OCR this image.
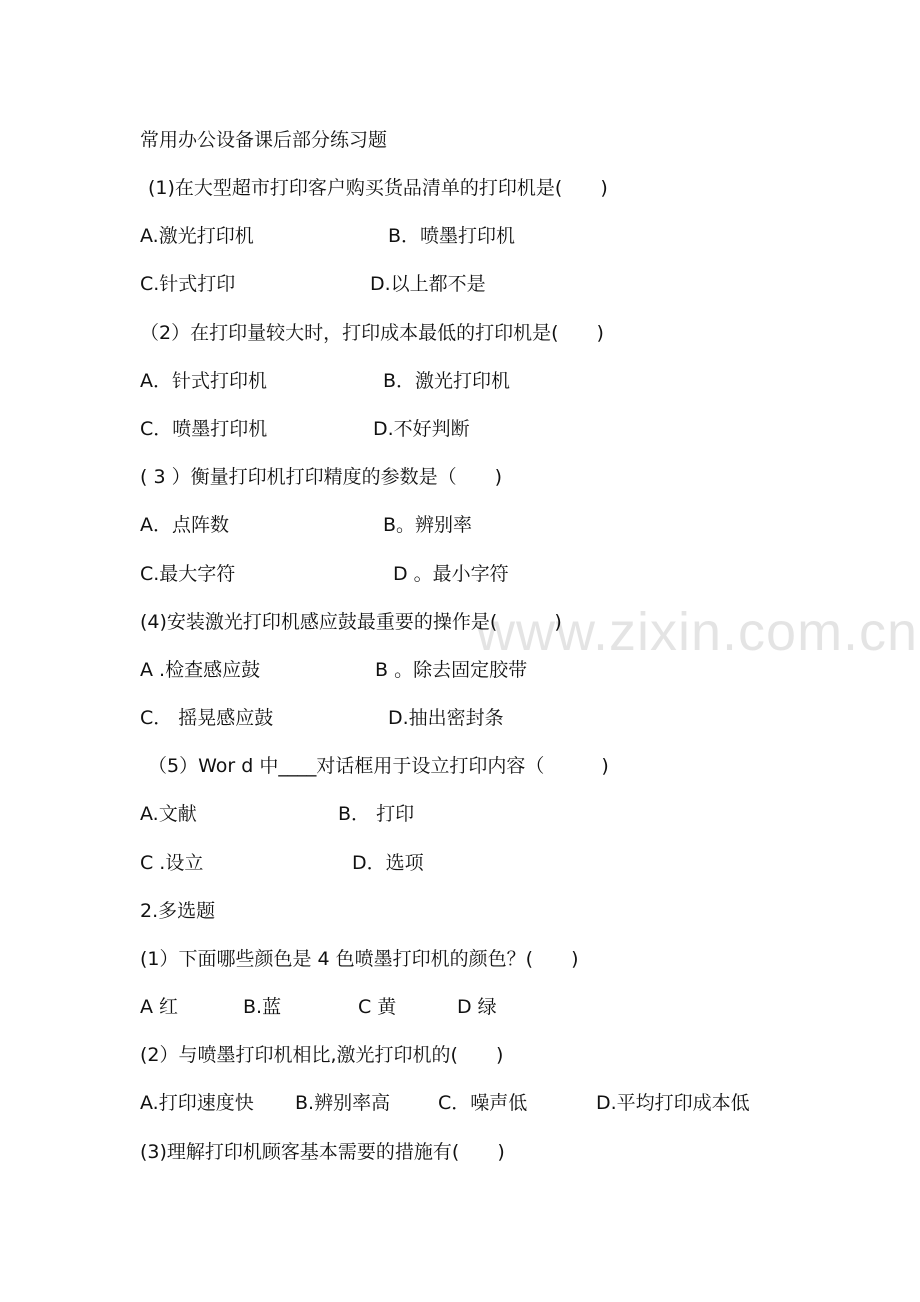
www.zixin.com.cn
常用办公设备课后部分练习题
(1)在大型超市打印客户购买货品清单的打印机是(　　)
A.激光打印机	B．喷墨打印机
C.针式打印	D.以上都不是
（2）在打印量较大时，打印成本最低的打印机是(　　)
A．针式打印机	B．激光打印机
C．喷墨打印机	D.不好判断
( 3 ）衡量打印机打印精度的参数是（　　)
A．点阵数	B。辨别率
C.最大字符	D 。最小字符
(4)安装激光打印机感应鼓最重要的操作是(　　　)
A .检查感应鼓	B 。除去固定胶带
C． 摇晃感应鼓	D.抽出密封条
（5）Wor d 中____对话框用于设立打印内容（　　　)
A.文献	B． 打印
C .设立	D．选项
2.多选题
(1）下面哪些颜色是 4 色喷墨打印机的颜色？(　　)
A 红	B.蓝	C 黄	D 绿
(2）与喷墨打印机相比,激光打印机的(　　)
A.打印速度快 B.辨别率高	C．噪声低	D.平均打印成本低
(3)理解打印机顾客基本需要的措施有(　　)
